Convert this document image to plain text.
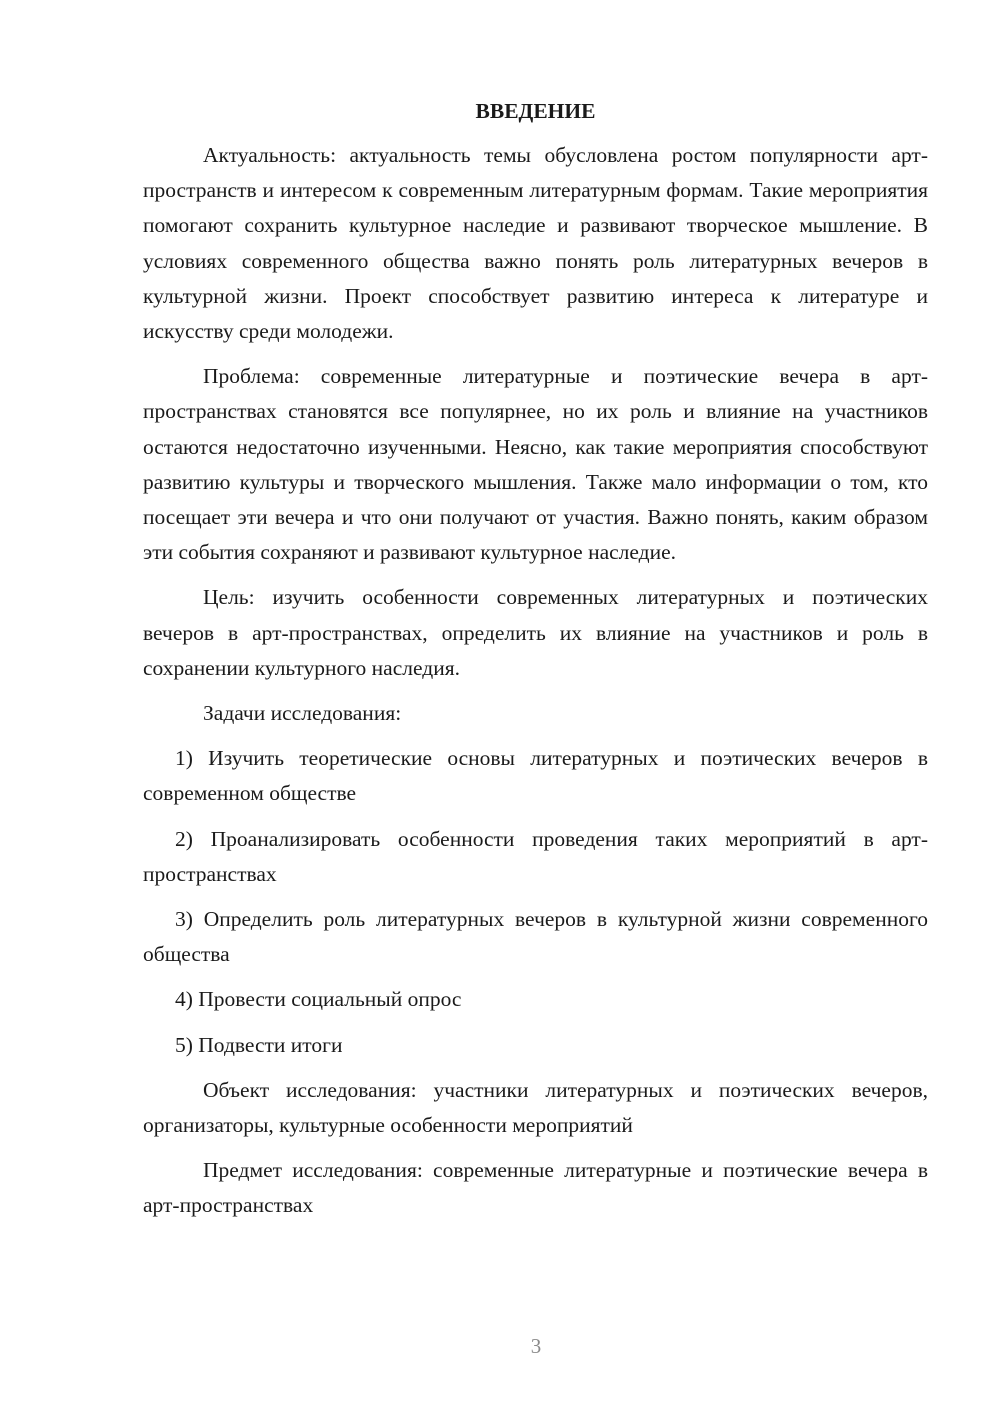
ВВЕДЕНИЕ

Актуальность: актуальность темы обусловлена ростом популярности арт-пространств и интересом к современным литературным формам. Такие мероприятия помогают сохранить культурное наследие и развивают творческое мышление. В условиях современного общества важно понять роль литературных вечеров в культурной жизни. Проект способствует развитию интереса к литературе и искусству среди молодежи.

Проблема: современные литературные и поэтические вечера в арт-пространствах становятся все популярнее, но их роль и влияние на участников остаются недостаточно изученными. Неясно, как такие мероприятия способствуют развитию культуры и творческого мышления. Также мало информации о том, кто посещает эти вечера и что они получают от участия. Важно понять, каким образом эти события сохраняют и развивают культурное наследие.

Цель: изучить особенности современных литературных и поэтических вечеров в арт-пространствах, определить их влияние на участников и роль в сохранении культурного наследия.

Задачи исследования:

1) Изучить теоретические основы литературных и поэтических вечеров в современном обществе

2) Проанализировать особенности проведения таких мероприятий в арт-пространствах

3) Определить роль литературных вечеров в культурной жизни современного общества

4) Провести социальный опрос

5) Подвести итоги

Объект исследования: участники литературных и поэтических вечеров, организаторы, культурные особенности мероприятий

Предмет исследования: современные литературные и поэтические вечера в арт-пространствах

3
